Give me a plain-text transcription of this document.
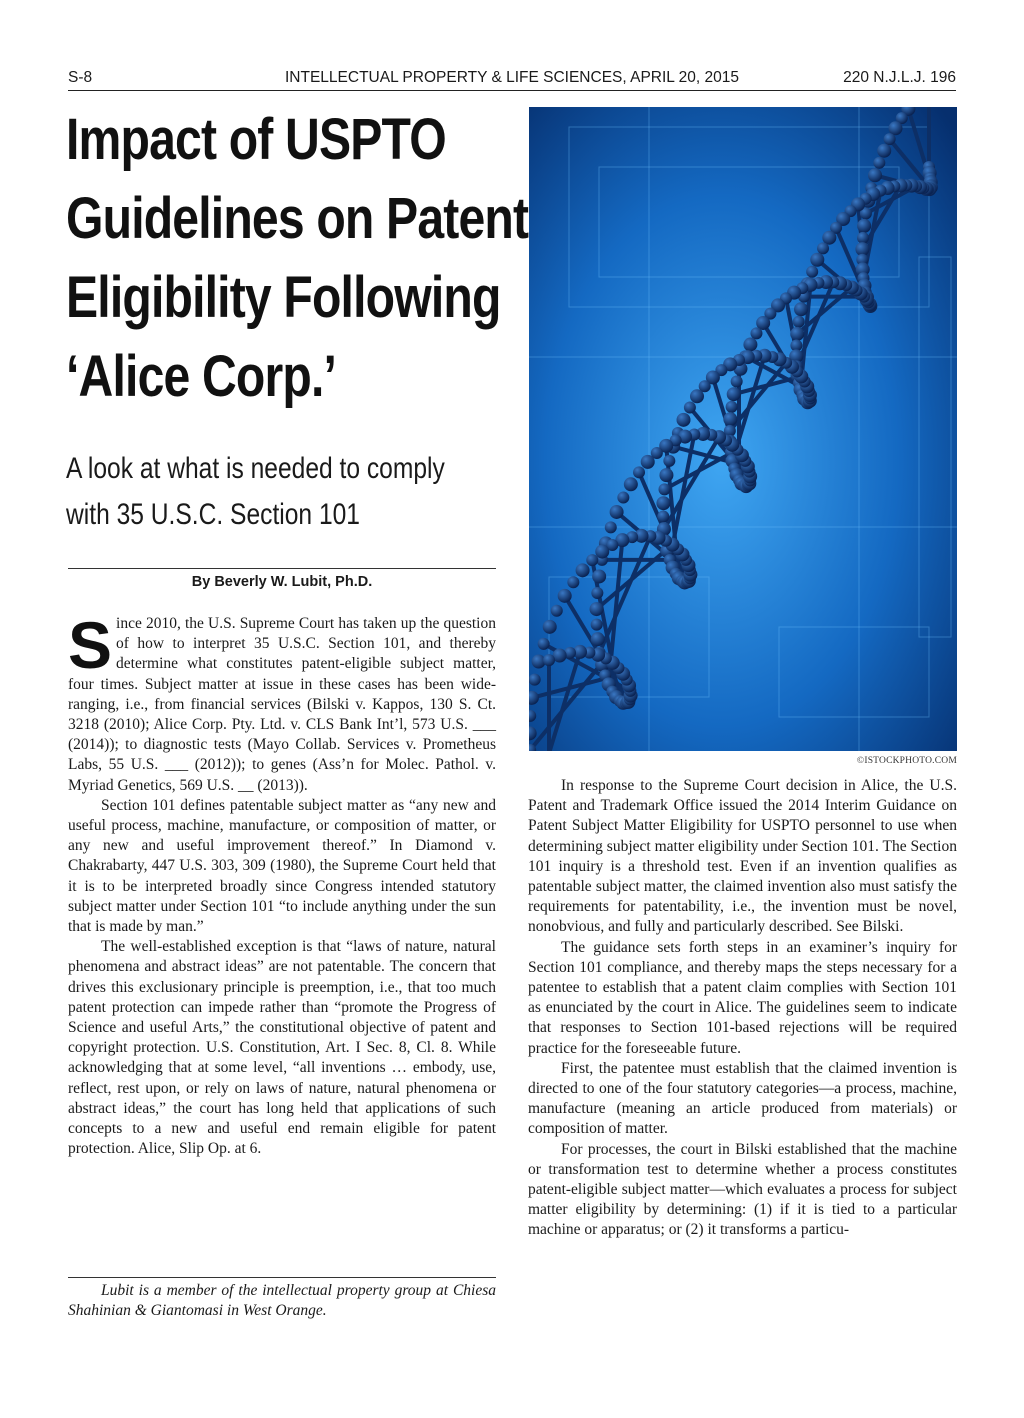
S-8	INTELLECTUAL PROPERTY & LIFE SCIENCES, APRIL 20, 2015	220 N.J.L.J. 196
Impact of USPTO
Guidelines on Patent
Eligibility Following
‘Alice Corp.’
A look at what is needed to comply
with 35 U.S.C. Section 101
By Beverly W. Lubit, Ph.D.

Since 2010, the U.S. Supreme Court has taken up the question of how to interpret 35 U.S.C. Section 101, and thereby determine what constitutes patent-eligible subject matter, four times. Subject matter at issue in these cases has been wide-ranging, i.e., from financial services (Bilski v. Kappos, 130 S. Ct. 3218 (2010); Alice Corp. Pty. Ltd. v. CLS Bank Int’l, 573 U.S. ___ (2014)); to diagnostic tests (Mayo Collab. Services v. Prometheus Labs, 55 U.S. ___ (2012)); to genes (Ass’n for Molec. Pathol. v. Myriad Genetics, 569 U.S. __ (2013)).

Section 101 defines patentable subject matter as “any new and useful process, machine, manufacture, or composition of matter, or any new and useful improvement thereof.” In Diamond v. Chakrabarty, 447 U.S. 303, 309 (1980), the Supreme Court held that it is to be interpreted broadly since Congress intended statutory subject matter under Section 101 “to include anything under the sun that is made by man.”

The well-established exception is that “laws of nature, natural phenomena and abstract ideas” are not patentable. The concern that drives this exclusionary principle is preemption, i.e., that too much patent protection can impede rather than “promote the Progress of Science and useful Arts,” the constitutional objective of patent and copyright protection. U.S. Constitution, Art. I Sec. 8, Cl. 8. While acknowledging that at some level, “all inventions … embody, use, reflect, rest upon, or rely on laws of nature, natural phenomena or abstract ideas,” the court has long held that applications of such concepts to a new and useful end remain eligible for patent protection. Alice, Slip Op. at 6.

Lubit is a member of the intellectual property group at Chiesa Shahinian & Giantomasi in West Orange.

©ISTOCKPHOTO.COM

In response to the Supreme Court decision in Alice, the U.S. Patent and Trademark Office issued the 2014 Interim Guidance on Patent Subject Matter Eligibility for USPTO personnel to use when determining subject matter eligibility under Section 101. The Section 101 inquiry is a threshold test. Even if an invention qualifies as patentable subject matter, the claimed invention also must satisfy the requirements for patentability, i.e., the invention must be novel, nonobvious, and fully and particularly described. See Bilski.

The guidance sets forth steps in an examiner’s inquiry for Section 101 compliance, and thereby maps the steps necessary for a patentee to establish that a patent claim complies with Section 101 as enunciated by the court in Alice. The guidelines seem to indicate that responses to Section 101-based rejections will be required practice for the foreseeable future.

First, the patentee must establish that the claimed invention is directed to one of the four statutory categories—a process, machine, manufacture (meaning an article produced from materials) or composition of matter.

For processes, the court in Bilski established that the machine or transformation test to determine whether a process constitutes patent-eligible subject matter—which evaluates a process for subject matter eligibility by determining: (1) if it is tied to a particular machine or apparatus; or (2) it transforms a particu-
